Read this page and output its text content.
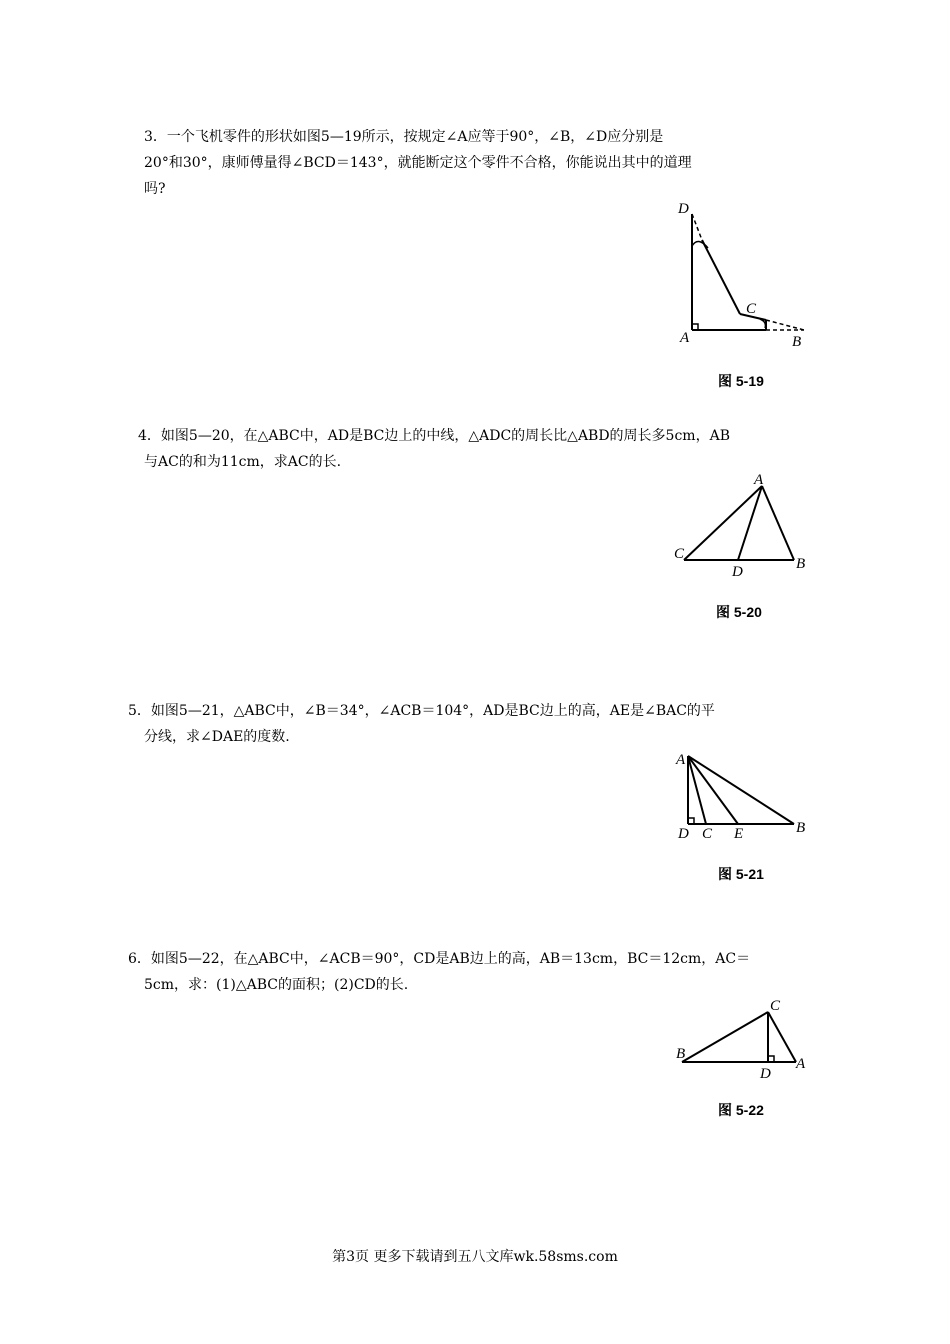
3．一个飞机零件的形状如图5—19所示，按规定∠A应等于90°，∠B，∠D应分别是

20°和30°，康师傅量得∠BCD＝143°，就能断定这个零件不合格，你能说出其中的道理

吗?

D
C
A	B
图 5-19

4．如图5—20，在△ABC中，AD是BC边上的中线，△ADC的周长比△ABD的周长多5cm，AB

与AC的和为11cm，求AC的长.

A
C
D	B
图 5-20

5．如图5—21，△ABC中，∠B＝34°，∠ACB＝104°，AD是BC边上的高，AE是∠BAC的平

分线，求∠DAE的度数.

A
D C E	B
图 5-21

6．如图5—22，在△ABC中，∠ACB＝90°，CD是AB边上的高，AB＝13cm，BC＝12cm，AC＝

5cm，求：(1)△ABC的面积；(2)CD的长.

C
B
D
A
图 5-22
第3页 更多下载请到五八文库wk.58sms.com
